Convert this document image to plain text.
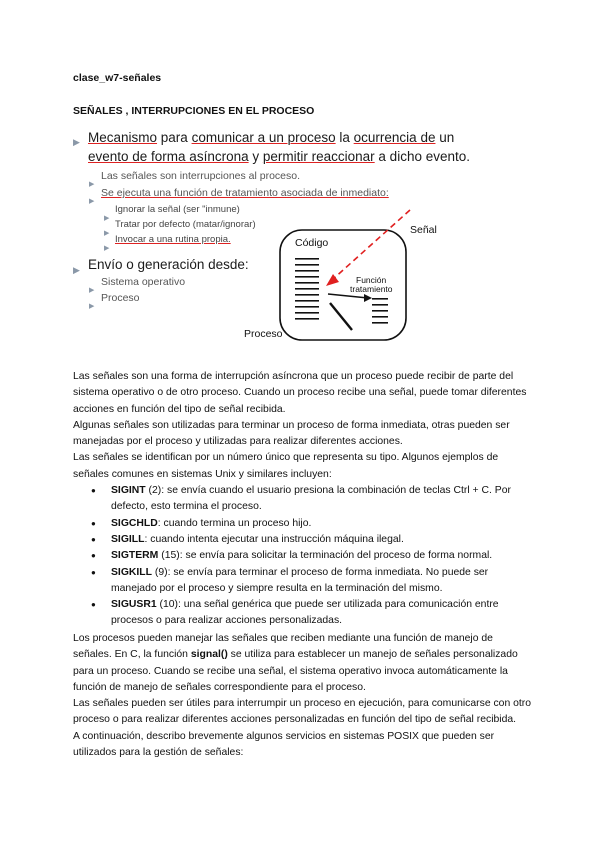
clase_w7-señales
SEÑALES , INTERRUPCIONES EN EL PROCESO
▶ Mecanismo para comunicar a un proceso la ocurrencia de un
evento de forma asíncrona y permitir reaccionar a dicho evento.
▶
Las señales son interrupciones al proceso.
▶
Se ejecuta una función de tratamiento asociada de inmediato:
▶
Ignorar la señal (ser "inmune)
▶
Tratar por defecto (matar/ignorar)
▶
Invocar a una rutina propia.
▶ Envío o generación desde:
▶
Sistema operativo
▶
Proceso
Código
Señal
Función
tratamiento
Proceso

Las señales son una forma de interrupción asíncrona que un proceso puede recibir de parte del sistema operativo o de otro proceso. Cuando un proceso recibe una señal, puede tomar diferentes acciones en función del tipo de señal recibida.

Algunas señales son utilizadas para terminar un proceso de forma inmediata, otras pueden ser manejadas por el proceso y utilizadas para realizar diferentes acciones.

Las señales se identifican por un número único que representa su tipo. Algunos ejemplos de señales comunes en sistemas Unix y similares incluyen:

● SIGINT (2): se envía cuando el usuario presiona la combinación de teclas Ctrl + C. Por defecto, esto termina el proceso.
● SIGCHLD: cuando termina un proceso hijo.
● SIGILL: cuando intenta ejecutar una instrucción máquina ilegal.
● SIGTERM (15): se envía para solicitar la terminación del proceso de forma normal.
● SIGKILL (9): se envía para terminar el proceso de forma inmediata. No puede ser manejado por el proceso y siempre resulta en la terminación del mismo.
● SIGUSR1 (10): una señal genérica que puede ser utilizada para comunicación entre procesos o para realizar acciones personalizadas.

Los procesos pueden manejar las señales que reciben mediante una función de manejo de señales. En C, la función signal() se utiliza para establecer un manejo de señales personalizado para un proceso. Cuando se recibe una señal, el sistema operativo invoca automáticamente la función de manejo de señales correspondiente para el proceso.

Las señales pueden ser útiles para interrumpir un proceso en ejecución, para comunicarse con otro proceso o para realizar diferentes acciones personalizadas en función del tipo de señal recibida.

A continuación, describo brevemente algunos servicios en sistemas POSIX que pueden ser utilizados para la gestión de señales:
